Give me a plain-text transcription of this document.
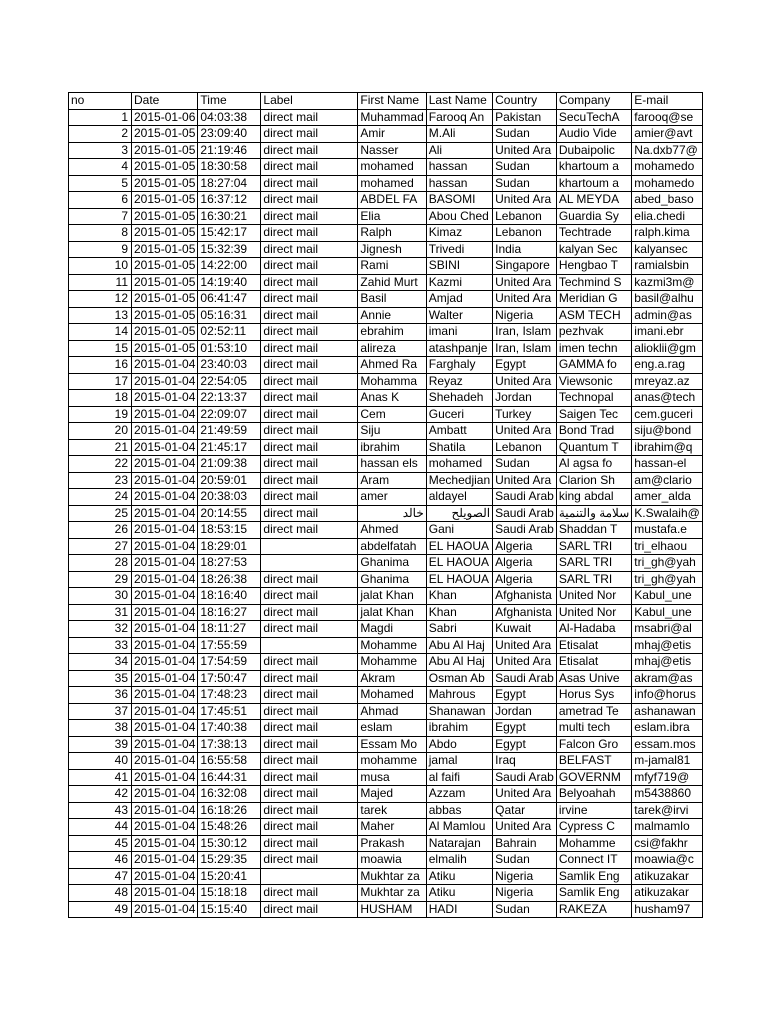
no	Date	Time	Label	First Name	Last Name	Country	Company	E-mail
1	2015-01-06	04:03:38	direct mail	Muhammad	Farooq An	Pakistan	SecuTechA	farooq@se
2	2015-01-05	23:09:40	direct mail	Amir	M.Ali	Sudan	Audio Vide	amier@avt
3	2015-01-05	21:19:46	direct mail	Nasser	Ali	United Ara	Dubaipolic	Na.dxb77@
4	2015-01-05	18:30:58	direct mail	mohamed	hassan	Sudan	khartoum a	mohamedo
5	2015-01-05	18:27:04	direct mail	mohamed	hassan	Sudan	khartoum a	mohamedo
6	2015-01-05	16:37:12	direct mail	ABDEL FA	BASOMI	United Ara	AL MEYDA	abed_baso
7	2015-01-05	16:30:21	direct mail	Elia	Abou Ched	Lebanon	Guardia Sy	elia.chedi
8	2015-01-05	15:42:17	direct mail	Ralph	Kimaz	Lebanon	Techtrade	ralph.kima
9	2015-01-05	15:32:39	direct mail	Jignesh	Trivedi	India	kalyan Sec	kalyansec
10	2015-01-05	14:22:00	direct mail	Rami	SBINI	Singapore	Hengbao T	ramialsbin
11	2015-01-05	14:19:40	direct mail	Zahid Murt	Kazmi	United Ara	Techmind S	kazmi3m@
12	2015-01-05	06:41:47	direct mail	Basil	Amjad	United Ara	Meridian G	basil@alhu
13	2015-01-05	05:16:31	direct mail	Annie	Walter	Nigeria	ASM TECH	admin@as
14	2015-01-05	02:52:11	direct mail	ebrahim	imani	Iran, Islam	pezhvak	imani.ebr
15	2015-01-05	01:53:10	direct mail	alireza	atashpanje	Iran, Islam	imen techn	alioklii@gm
16	2015-01-04	23:40:03	direct mail	Ahmed Ra	Farghaly	Egypt	GAMMA fo	eng.a.rag
17	2015-01-04	22:54:05	direct mail	Mohamma	Reyaz	United Ara	Viewsonic	mreyaz.az
18	2015-01-04	22:13:37	direct mail	Anas K	Shehadeh	Jordan	Technopal	anas@tech
19	2015-01-04	22:09:07	direct mail	Cem	Guceri	Turkey	Saigen Tec	cem.guceri
20	2015-01-04	21:49:59	direct mail	Siju	Ambatt	United Ara	Bond Trad	siju@bond
21	2015-01-04	21:45:17	direct mail	ibrahim	Shatila	Lebanon	Quantum T	ibrahim@q
22	2015-01-04	21:09:38	direct mail	hassan els	mohamed	Sudan	Al agsa fo	hassan-el
23	2015-01-04	20:59:01	direct mail	Aram	Mechedjian	United Ara	Clarion Sh	am@clario
24	2015-01-04	20:38:03	direct mail	amer	aldayel	Saudi Arab	king abdal	amer_alda
25	2015-01-04	20:14:55	direct mail	خالد	الصويلح	Saudi Arab	سلامة والتنمية	K.Swalaih@
26	2015-01-04	18:53:15	direct mail	Ahmed	Gani	Saudi Arab	Shaddan T	mustafa.e
27	2015-01-04	18:29:01		abdelfatah	EL HAOUA	Algeria	SARL TRI	tri_elhaou
28	2015-01-04	18:27:53		Ghanima	EL HAOUA	Algeria	SARL TRI	tri_gh@yah
29	2015-01-04	18:26:38	direct mail	Ghanima	EL HAOUA	Algeria	SARL TRI	tri_gh@yah
30	2015-01-04	18:16:40	direct mail	jalat Khan	Khan	Afghanista	United Nor	Kabul_une
31	2015-01-04	18:16:27	direct mail	jalat Khan	Khan	Afghanista	United Nor	Kabul_une
32	2015-01-04	18:11:27	direct mail	Magdi	Sabri	Kuwait	Al-Hadaba	msabri@al
33	2015-01-04	17:55:59		Mohamme	Abu Al Haj	United Ara	Etisalat	mhaj@etis
34	2015-01-04	17:54:59	direct mail	Mohamme	Abu Al Haj	United Ara	Etisalat	mhaj@etis
35	2015-01-04	17:50:47	direct mail	Akram	Osman Ab	Saudi Arab	Asas Unive	akram@as
36	2015-01-04	17:48:23	direct mail	Mohamed	Mahrous	Egypt	Horus Sys	info@horus
37	2015-01-04	17:45:51	direct mail	Ahmad	Shanawan	Jordan	ametrad Te	ashanawan
38	2015-01-04	17:40:38	direct mail	eslam	ibrahim	Egypt	multi tech	eslam.ibra
39	2015-01-04	17:38:13	direct mail	Essam Mo	Abdo	Egypt	Falcon Gro	essam.mos
40	2015-01-04	16:55:58	direct mail	mohamme	jamal	Iraq	BELFAST	m-jamal81
41	2015-01-04	16:44:31	direct mail	musa	al faifi	Saudi Arab	GOVERNM	mfyf719@
42	2015-01-04	16:32:08	direct mail	Majed	Azzam	United Ara	Belyoahah	m5438860
43	2015-01-04	16:18:26	direct mail	tarek	abbas	Qatar	irvine	tarek@irvi
44	2015-01-04	15:48:26	direct mail	Maher	Al Mamlou	United Ara	Cypress C	malmamlo
45	2015-01-04	15:30:12	direct mail	Prakash	Natarajan	Bahrain	Mohamme	csi@fakhr
46	2015-01-04	15:29:35	direct mail	moawia	elmalih	Sudan	Connect IT	moawia@c
47	2015-01-04	15:20:41		Mukhtar za	Atiku	Nigeria	Samlik Eng	atikuzakar
48	2015-01-04	15:18:18	direct mail	Mukhtar za	Atiku	Nigeria	Samlik Eng	atikuzakar
49	2015-01-04	15:15:40	direct mail	HUSHAM	HADI	Sudan	RAKEZA	husham97
